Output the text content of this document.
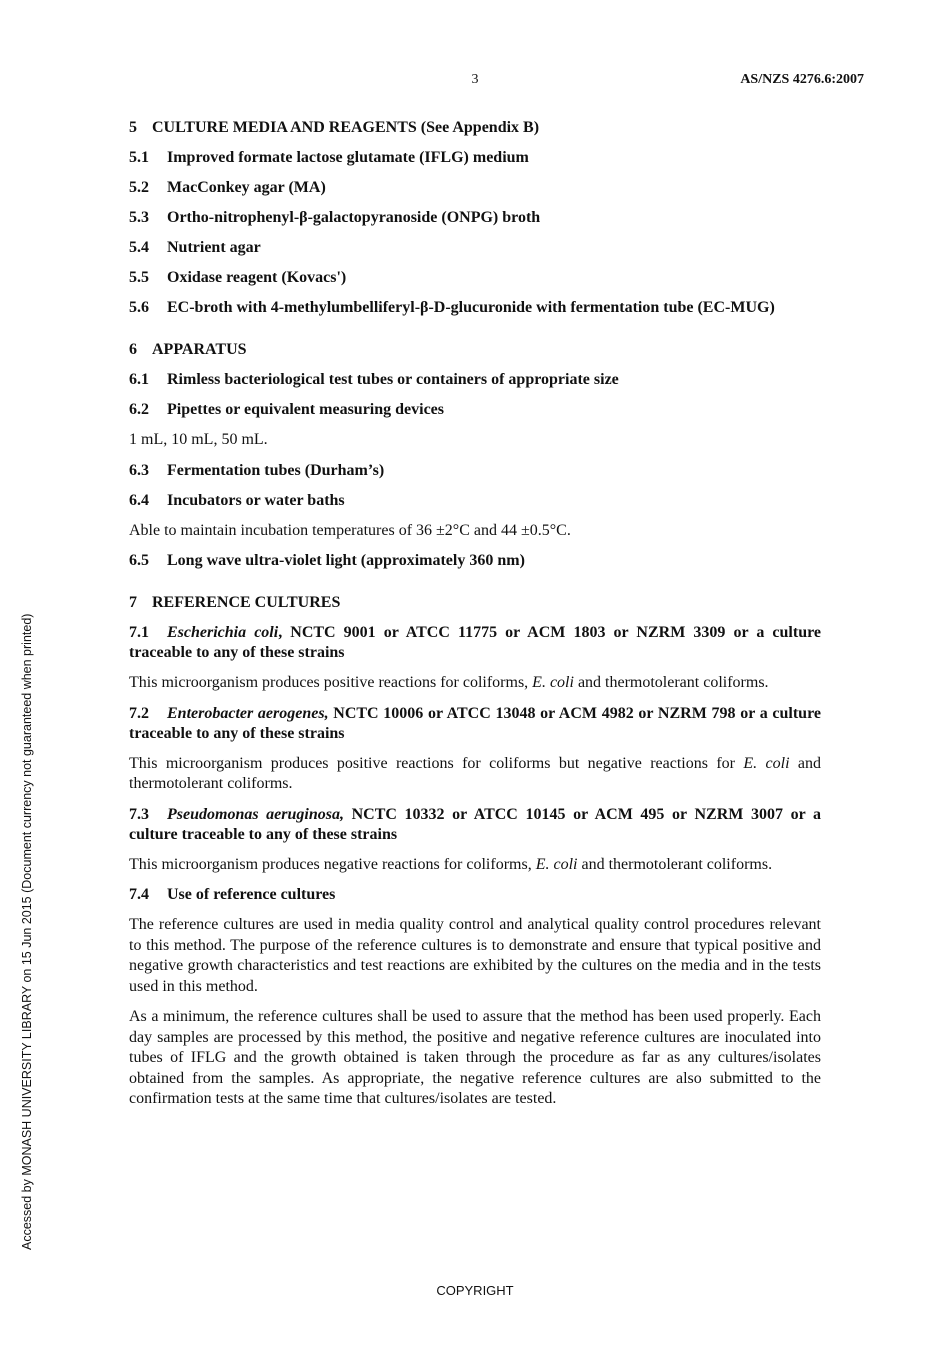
3	AS/NZS 4276.6:2007
5 CULTURE MEDIA AND REAGENTS (See Appendix B)
5.1 Improved formate lactose glutamate (IFLG) medium
5.2 MacConkey agar (MA)
5.3 Ortho-nitrophenyl-β-galactopyranoside (ONPG) broth
5.4 Nutrient agar
5.5 Oxidase reagent (Kovacs')
5.6 EC-broth with 4-methylumbelliferyl-β-D-glucuronide with fermentation tube (EC-MUG)
6 APPARATUS
6.1 Rimless bacteriological test tubes or containers of appropriate size
6.2 Pipettes or equivalent measuring devices
1 mL, 10 mL, 50 mL.
6.3 Fermentation tubes (Durham’s)
6.4 Incubators or water baths
Able to maintain incubation temperatures of 36 ±2°C and 44 ±0.5°C.
6.5 Long wave ultra-violet light (approximately 360 nm)
7 REFERENCE CULTURES
7.1 Escherichia coli, NCTC 9001 or ATCC 11775 or ACM 1803 or NZRM 3309 or a culture traceable to any of these strains
This microorganism produces positive reactions for coliforms, E. coli and thermotolerant coliforms.
7.2 Enterobacter aerogenes, NCTC 10006 or ATCC 13048 or ACM 4982 or NZRM 798 or a culture traceable to any of these strains
This microorganism produces positive reactions for coliforms but negative reactions for E. coli and thermotolerant coliforms.
7.3 Pseudomonas aeruginosa, NCTC 10332 or ATCC 10145 or ACM 495 or NZRM 3007 or a culture traceable to any of these strains
This microorganism produces negative reactions for coliforms, E. coli and thermotolerant coliforms.
7.4 Use of reference cultures
The reference cultures are used in media quality control and analytical quality control procedures relevant to this method. The purpose of the reference cultures is to demonstrate and ensure that typical positive and negative growth characteristics and test reactions are exhibited by the cultures on the media and in the tests used in this method.
As a minimum, the reference cultures shall be used to assure that the method has been used properly. Each day samples are processed by this method, the positive and negative reference cultures are inoculated into tubes of IFLG and the growth obtained is taken through the procedure as far as any cultures/isolates obtained from the samples. As appropriate, the negative reference cultures are also submitted to the confirmation tests at the same time that cultures/isolates are tested.
Accessed by MONASH UNIVERSITY LIBRARY on 15 Jun 2015 (Document currency not guaranteed when printed)
COPYRIGHT
